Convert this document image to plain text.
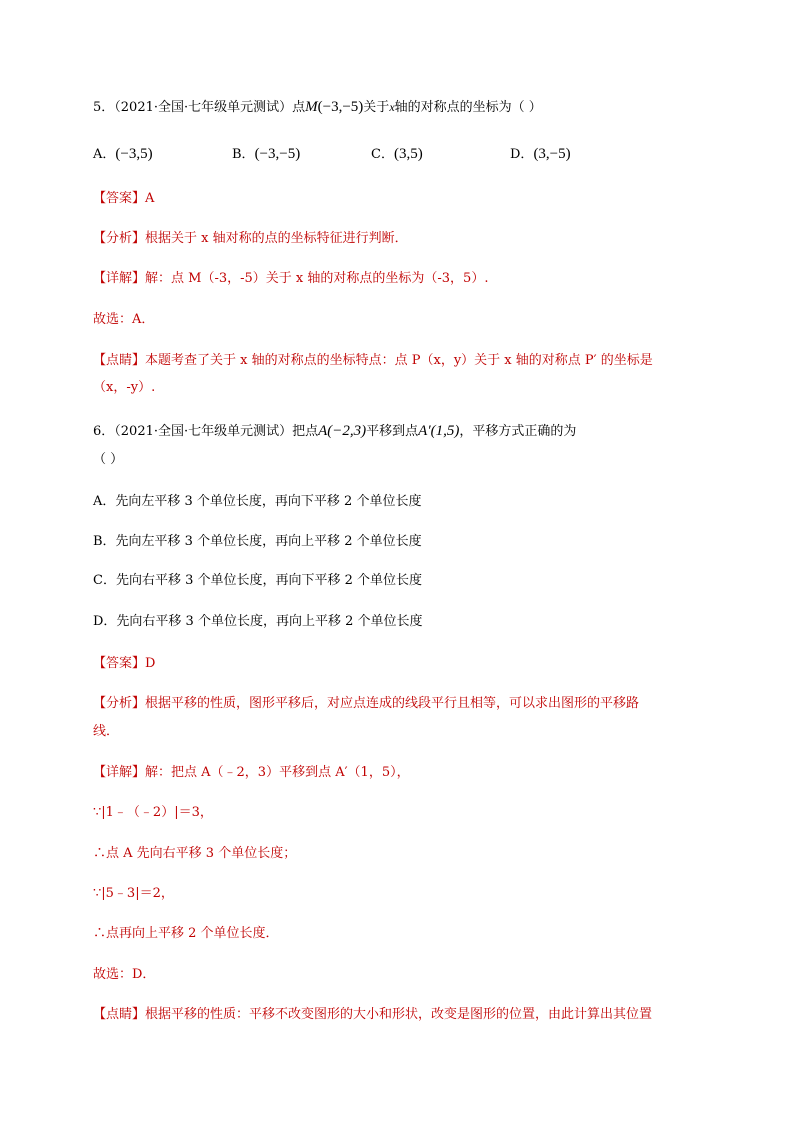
5．（2021·全国·七年级单元测试）点M(−3,−5)关于x轴的对称点的坐标为（ ）
A．(−3,5)	B．(−3,−5)	C．(3,5)	D．(3,−5)
【答案】A
【分析】根据关于 x 轴对称的点的坐标特征进行判断．
【详解】解：点 M（-3，-5）关于 x 轴的对称点的坐标为（-3，5）.
故选：A．
【点睛】本题考查了关于 x 轴的对称点的坐标特点：点 P（x，y）关于 x 轴的对称点 P′ 的坐标是
（x，-y）.
6．（2021·全国·七年级单元测试）把点A(−2,3)平移到点A′(1,5)，平移方式正确的为
（ ）
A．先向左平移 3 个单位长度，再向下平移 2 个单位长度
B．先向左平移 3 个单位长度，再向上平移 2 个单位长度
C．先向右平移 3 个单位长度，再向下平移 2 个单位长度
D．先向右平移 3 个单位长度，再向上平移 2 个单位长度
【答案】D
【分析】根据平移的性质，图形平移后，对应点连成的线段平行且相等，可以求出图形的平移路
线．
【详解】解：把点 A（﹣2，3）平移到点 A′（1，5），
∵|1﹣（﹣2）|＝3，
∴点 A 先向右平移 3 个单位长度；
∵|5﹣3|＝2，
∴点再向上平移 2 个单位长度．
故选：D．
【点睛】根据平移的性质：平移不改变图形的大小和形状，改变是图形的位置，由此计算出其位置
